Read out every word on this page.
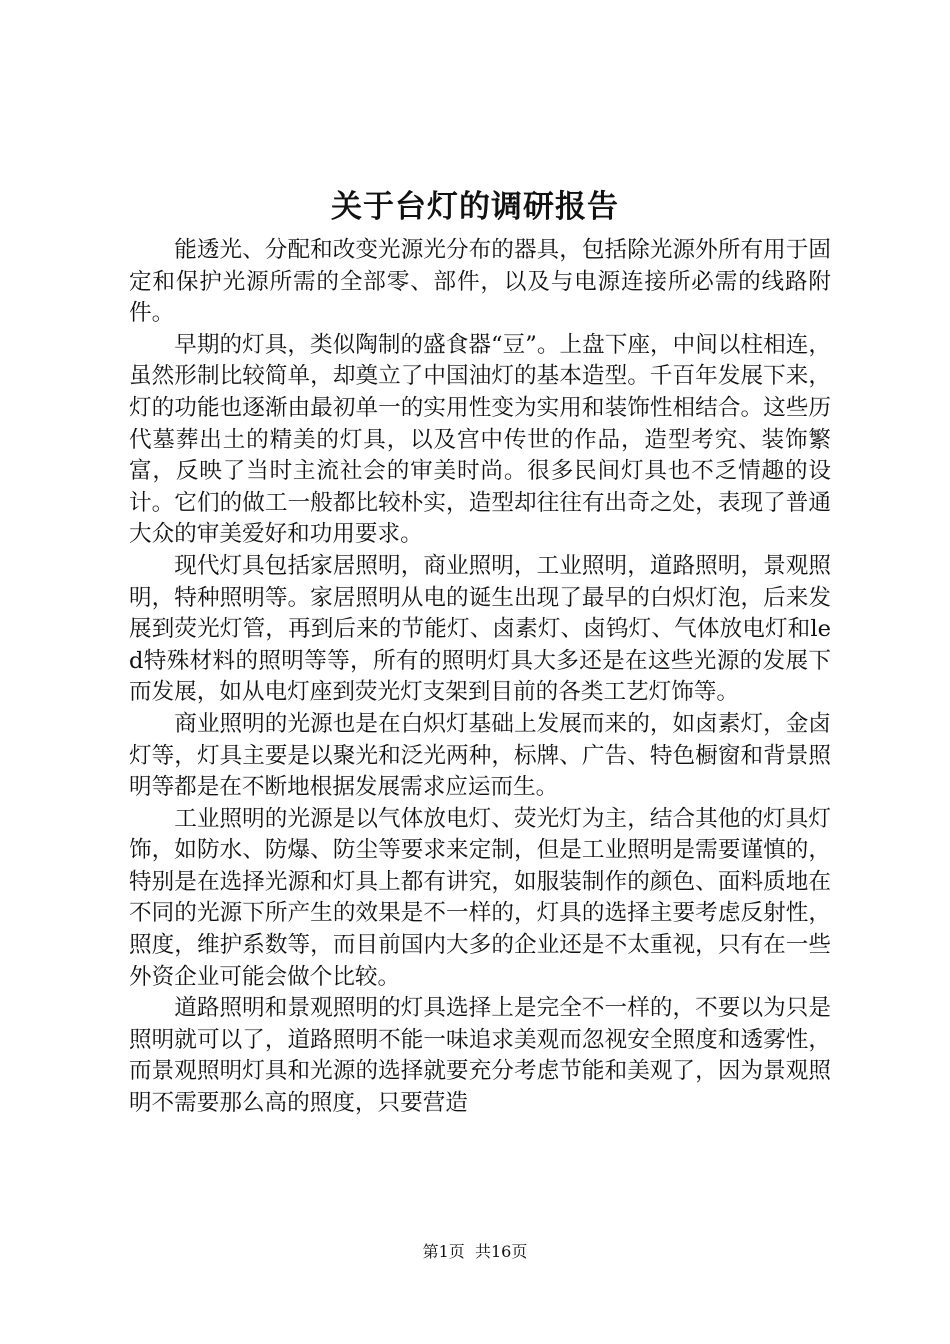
关于台灯的调研报告

能透光、分配和改变光源光分布的器具，包括除光源外所有用于固定和保护光源所需的全部零、部件，以及与电源连接所必需的线路附件。

早期的灯具，类似陶制的盛食器“豆”。上盘下座，中间以柱相连，虽然形制比较简单，却奠立了中国油灯的基本造型。千百年发展下来，灯的功能也逐渐由最初单一的实用性变为实用和装饰性相结合。这些历代墓葬出土的精美的灯具，以及宫中传世的作品，造型考究、装饰繁富，反映了当时主流社会的审美时尚。很多民间灯具也不乏情趣的设计。它们的做工一般都比较朴实，造型却往往有出奇之处，表现了普通大众的审美爱好和功用要求。

现代灯具包括家居照明，商业照明，工业照明，道路照明，景观照明，特种照明等。家居照明从电的诞生出现了最早的白炽灯泡，后来发展到荧光灯管，再到后来的节能灯、卤素灯、卤钨灯、气体放电灯和led特殊材料的照明等等，所有的照明灯具大多还是在这些光源的发展下而发展，如从电灯座到荧光灯支架到目前的各类工艺灯饰等。

商业照明的光源也是在白炽灯基础上发展而来的，如卤素灯，金卤灯等，灯具主要是以聚光和泛光两种，标牌、广告、特色橱窗和背景照明等都是在不断地根据发展需求应运而生。

工业照明的光源是以气体放电灯、荧光灯为主，结合其他的灯具灯饰，如防水、防爆、防尘等要求来定制，但是工业照明是需要谨慎的，特别是在选择光源和灯具上都有讲究，如服装制作的颜色、面料质地在不同的光源下所产生的效果是不一样的，灯具的选择主要考虑反射性，照度，维护系数等，而目前国内大多的企业还是不太重视，只有在一些外资企业可能会做个比较。

道路照明和景观照明的灯具选择上是完全不一样的，不要以为只是照明就可以了，道路照明不能一味追求美观而忽视安全照度和透雾性，而景观照明灯具和光源的选择就要充分考虑节能和美观了，因为景观照明不需要那么高的照度，只要营造

第1页 共16页
